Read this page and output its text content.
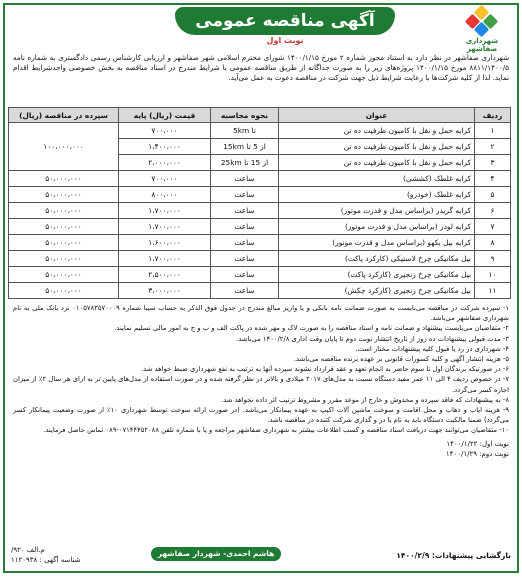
آگهی مناقصه عمومی
نوبت اول	شهرداری صفاشهر
شهرداری صفاشهر در نظر دارد به استناد مجوز شماره ۲ مورخ ۱۴۰۰/۱/۱۵ شورای محترم اسلامی شهر صفاشهر و ارزیابی کارشناس رسمی دادگستری به شماره نامه ۸۸۱۱/۱۴۰۰/۵ مورخ ۱۴۰۰/۱/۱۵ پروژه‌های زیر را به صورت جداگانه از طریق مناقصه عمومی با شرایط مندرج در اسناد مناقصه به بخش خصوصی واجدشرایط اقدام نماید. لذا از کلیه شرکت‌ها با رعایت شرایط ذیل جهت شرکت در مناقصه دعوت به عمل می‌آید.
ردیف	عنوان	نحوه محاسبه	قیمت (ریال) پایه	سپرده در مناقصه (ریال)
۱	کرایه حمل و نقل با کامیون ظرفیت ده تن	تا 5km	۷۰۰،۰۰۰	۱۰۰،۰۰۰،۰۰۰
۲	کرایه حمل و نقل با کامیون ظرفیت ده تن	از 5 تا 15km	۱،۴۰۰،۰۰۰	
۳	کرایه حمل و نقل با کامیون ظرفیت ده تن	از 15 تا 25km	۲،۰۰۰،۰۰۰	
۴	کرایه غلطک (کششی)	ساعت	۷۰۰،۰۰۰	۵۰،۰۰۰،۰۰۰
۵	کرایه غلطک (خودرو)	ساعت	۸۰۰،۰۰۰	۵۰،۰۰۰،۰۰۰
۶	کرایه گریدر (براساس مدل و قدرت موتور)	ساعت	۱،۷۰۰،۰۰۰	۵۰،۰۰۰،۰۰۰
۷	کرایه لودر (براساس مدل و قدرت موتور)	ساعت	۱،۷۰۰،۰۰۰	۵۰،۰۰۰،۰۰۰
۸	کرایه بیل بکهو (براساس مدل و قدرت موتور)	ساعت	۱،۶۰۰،۰۰۰	۵۰،۰۰۰،۰۰۰
۹	بیل مکانیکی چرخ لاستیکی (کارکرد پاکت)	ساعت	۱،۷۰۰،۰۰۰	۵۰،۰۰۰،۰۰۰
۱۰	بیل مکانیکی چرخ زنجیری (کارکرد پاکت)	ساعت	۲،۵۰۰،۰۰۰	۵۰،۰۰۰،۰۰۰
۱۱	بیل مکانیکی چرخ زنجیری (کارکرد چکش)	ساعت	۳،۰۰۰،۰۰۰	۵۰،۰۰۰،۰۰۰
۱- سپرده شرکت در مناقصه می‌بایست به صورت ضمانت نامه بانکی و یا واریز مبالغ مندرج در جدول فوق الذکر به حساب سیبا شماره ۰۱۰۵۷۸۳۵۷۰۰۰۹ نزد بانک ملی به نام شهرداری صفاشهر می‌باشد.
۲- متقاضیان می‌بایست پیشنهاد و ضمانت نامه و اسناد مناقصه را به صورت لاک و مهر شده در پاکت الف و ب و ج به امور مالی تسلیم نمایند.
۳- مدت قبولی پیشنهادات ده روز از تاریخ انتشار نوبت دوم تا پایان وقت اداری ۱۴۰۰/۲/۸ می‌باشد.
۴- شهرداری در رد یا قبول کلیه پیشنهادات مختار است.
۵- هزینه انتشار آگهی و کلیه کسورات قانونی بر عهده برنده مناقصه می‌باشد.
۶- در صورتیکه برندگان اول تا سوم حاضر به انجام تعهد و عقد قرارداد نشوند سپرده آنها به ترتیب به نفع شهرداری ضبط خواهد شد.
۷- در خصوص ردیف ۴ الی ۱۱ عمر مفید دستگاه نسبت به مدل‌های ۲۰۱۷ میلادی و بالاتر در نظر گرفته شده و در صورت استفاده از مدل‌های پایین تر به ازای هر سال ۲٪ از میزان اجاره کسر می‌گردد.
۸- به پیشنهادات که فاقد سپرده و مخدوش و خارج از موعد مقرر و مشروط ترتیب اثر داده نخواهد شد.
۹- هزینه ایاب و ذهاب و محل اقامت و سوخت ماشین آلات اکیپ به عهده پیمانکار می‌باشد. (در صورت ارائه سوخت توسط شهرداری ۱۰٪ از صورت وضعیت پیمانکار کسر می‌گردد) ضمنا مالکیت دستگاه باید به نام یا در و گذاری شرکت کننده در مناقصه باشد.
۱۰- متقاضیان می‌توانند جهت دریافت اسناد مناقصه و کسب اطلاعات بیشتر به شهرداری صفاشهر مراجعه و یا با شماره تلفن ۰۷۱۴۴۴۵۲۰۸۸-۰۸۹ تماس حاصل فرمایند.
نوبت اول: ۱۴۰۰/۱/۲۲
نوبت دوم: ۱۴۰۰/۱/۲۹
بازگشایی پیشنهادات: ۱۴۰۰/۲/۹
هاشم احمدی- شهردار صفاشهر
م.الف ۹۲۰/
شناسه آگهی : ۱۱۲۰۹۳۸
